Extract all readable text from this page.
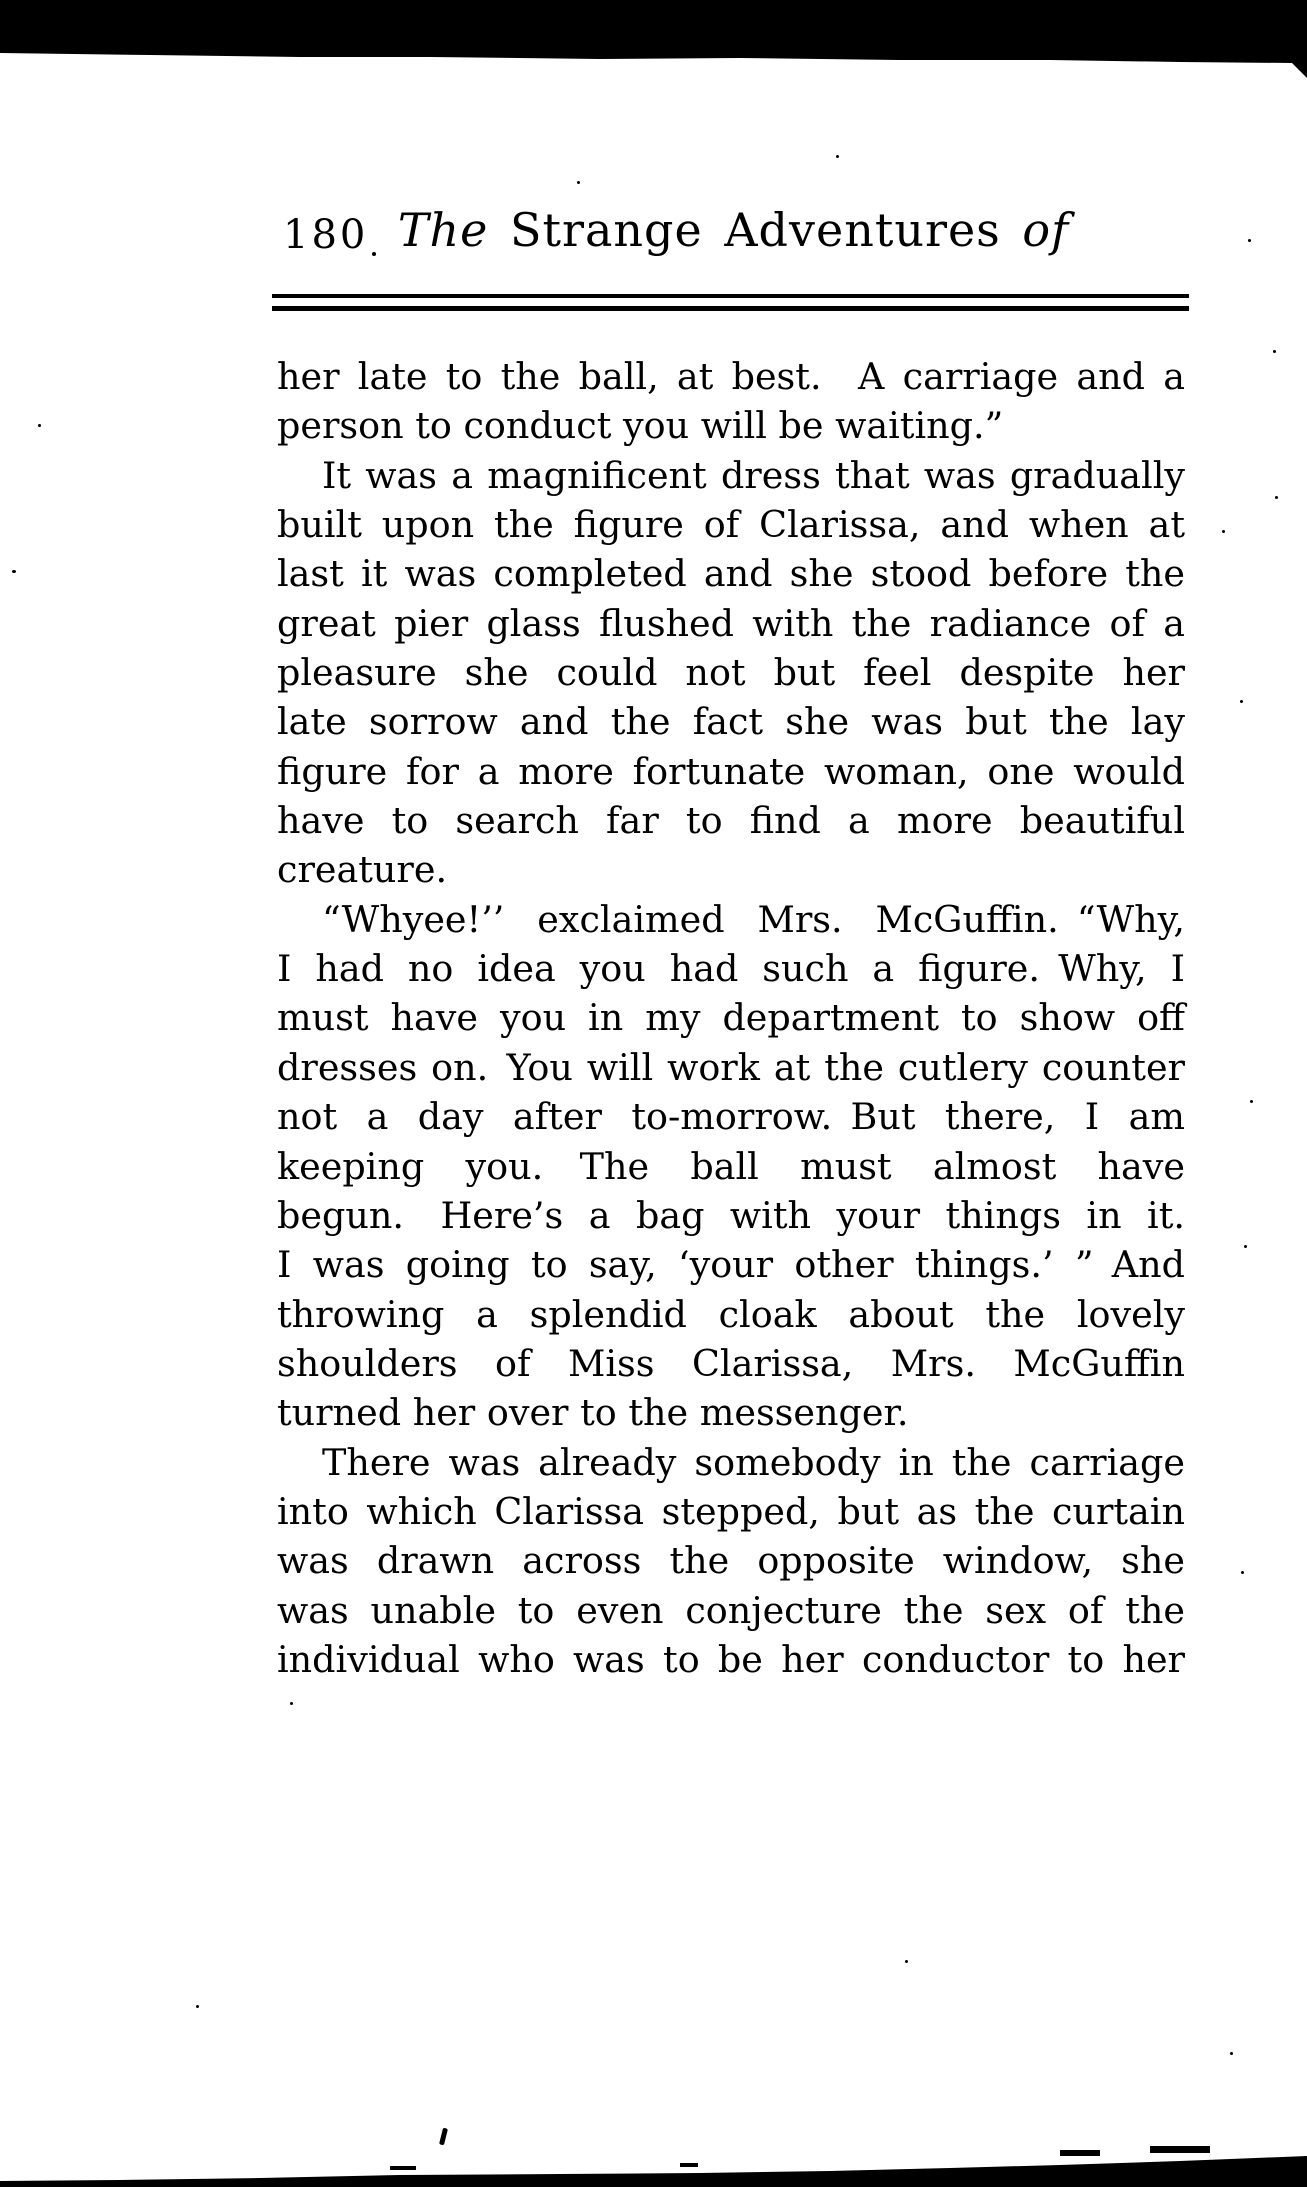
180 The Strange Adventures of
her late to the ball, at best. A carriage and a
person to conduct you will be waiting.”
It was a magnificent dress that was gradually
built upon the figure of Clarissa, and when at
last it was completed and she stood before the
great pier glass flushed with the radiance of a
pleasure she could not but feel despite her
late sorrow and the fact she was but the lay
figure for a more fortunate woman, one would
have to search far to find a more beautiful
creature.
“Whyee!’’ exclaimed Mrs. McGuffin. “Why,
I had no idea you had such a figure. Why, I
must have you in my department to show off
dresses on. You will work at the cutlery counter
not a day after to-morrow. But there, I am
keeping you. The ball must almost have
begun. Here’s a bag with your things in it.
I was going to say, ‘your other things.’ ” And
throwing a splendid cloak about the lovely
shoulders of Miss Clarissa, Mrs. McGuffin
turned her over to the messenger.
There was already somebody in the carriage
into which Clarissa stepped, but as the curtain
was drawn across the opposite window, she
was unable to even conjecture the sex of the
individual who was to be her conductor to her
